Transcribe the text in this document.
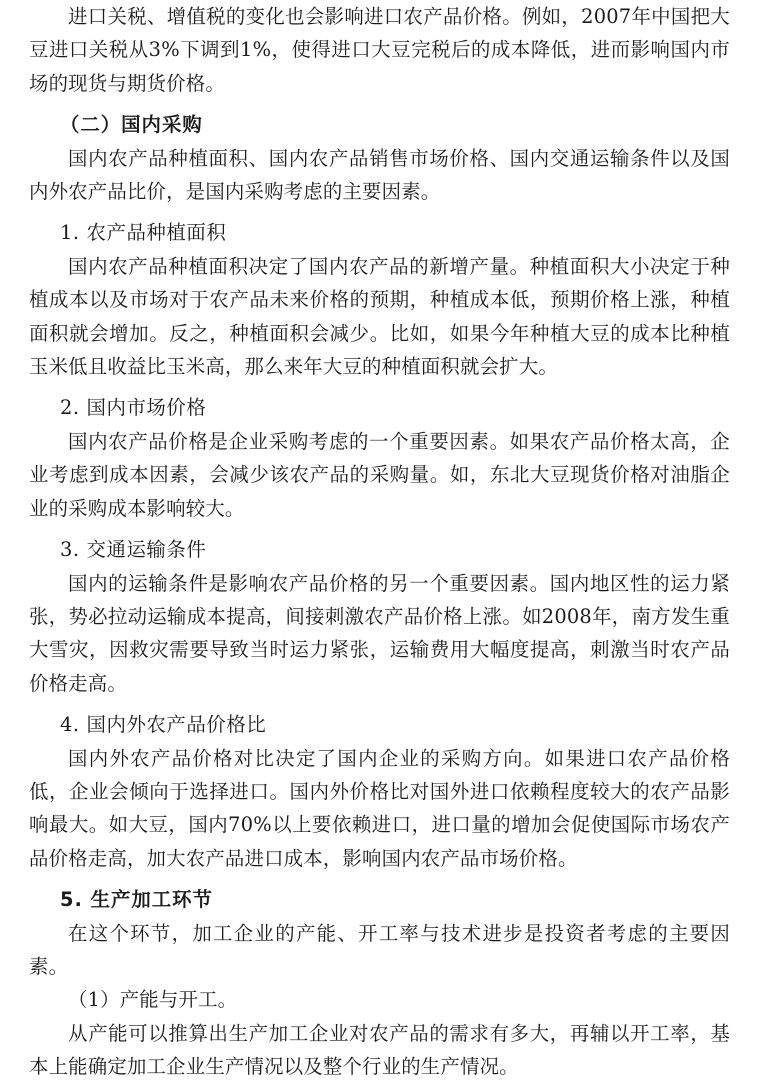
进口关税、增值税的变化也会影响进口农产品价格。例如，2007年中国把大豆进口关税从3%下调到1%，使得进口大豆完税后的成本降低，进而影响国内市场的现货与期货价格。

（二）国内采购

国内农产品种植面积、国内农产品销售市场价格、国内交通运输条件以及国内外农产品比价，是国内采购考虑的主要因素。

1. 农产品种植面积

国内农产品种植面积决定了国内农产品的新增产量。种植面积大小决定于种植成本以及市场对于农产品未来价格的预期，种植成本低，预期价格上涨，种植面积就会增加。反之，种植面积会减少。比如，如果今年种植大豆的成本比种植玉米低且收益比玉米高，那么来年大豆的种植面积就会扩大。

2. 国内市场价格

国内农产品价格是企业采购考虑的一个重要因素。如果农产品价格太高，企业考虑到成本因素，会减少该农产品的采购量。如，东北大豆现货价格对油脂企业的采购成本影响较大。

3. 交通运输条件

国内的运输条件是影响农产品价格的另一个重要因素。国内地区性的运力紧张，势必拉动运输成本提高，间接刺激农产品价格上涨。如2008年，南方发生重大雪灾，因救灾需要导致当时运力紧张，运输费用大幅度提高，刺激当时农产品价格走高。

4. 国内外农产品价格比

国内外农产品价格对比决定了国内企业的采购方向。如果进口农产品价格低，企业会倾向于选择进口。国内外价格比对国外进口依赖程度较大的农产品影响最大。如大豆，国内70%以上要依赖进口，进口量的增加会促使国际市场农产品价格走高，加大农产品进口成本，影响国内农产品市场价格。

5. 生产加工环节

在这个环节，加工企业的产能、开工率与技术进步是投资者考虑的主要因素。

（1）产能与开工。

从产能可以推算出生产加工企业对农产品的需求有多大，再辅以开工率，基本上能确定加工企业生产情况以及整个行业的生产情况。
